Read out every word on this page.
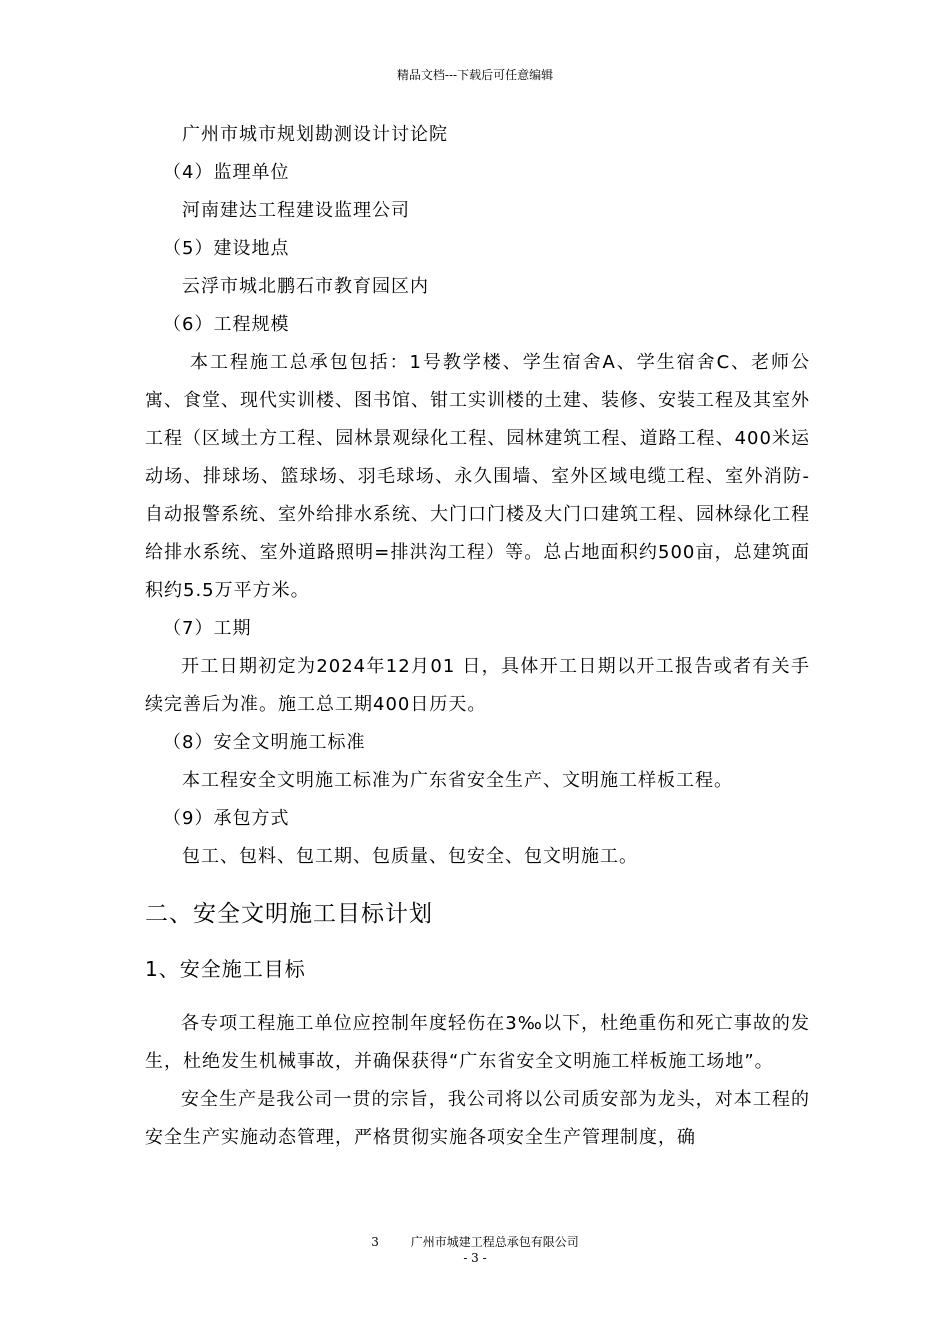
精品文档---下载后可任意编辑

广州市城市规划勘测设计讨论院

（4）监理单位

河南建达工程建设监理公司

（5）建设地点

云浮市城北鹏石市教育园区内

（6）工程规模

本工程施工总承包包括：1号教学楼、学生宿舍A、学生宿舍C、老师公寓、食堂、现代实训楼、图书馆、钳工实训楼的土建、装修、安装工程及其室外工程（区域土方工程、园林景观绿化工程、园林建筑工程、道路工程、400米运动场、排球场、篮球场、羽毛球场、永久围墙、室外区域电缆工程、室外消防-自动报警系统、室外给排水系统、大门口门楼及大门口建筑工程、园林绿化工程给排水系统、室外道路照明=排洪沟工程）等。总占地面积约500亩，总建筑面积约5.5万平方米。

（7）工期

开工日期初定为2024年12月01 日，具体开工日期以开工报告或者有关手续完善后为准。施工总工期400日历天。

（8）安全文明施工标准

本工程安全文明施工标准为广东省安全生产、文明施工样板工程。

（9）承包方式

包工、包料、包工期、包质量、包安全、包文明施工。

二、安全文明施工目标计划
1、安全施工目标

各专项工程施工单位应控制年度轻伤在3‰以下，杜绝重伤和死亡事故的发生，杜绝发生机械事故，并确保获得“广东省安全文明施工样板施工场地”。

安全生产是我公司一贯的宗旨，我公司将以公司质安部为龙头，对本工程的安全生产实施动态管理，严格贯彻实施各项安全生产管理制度，确

3	广州市城建工程总承包有限公司
- 3 -
